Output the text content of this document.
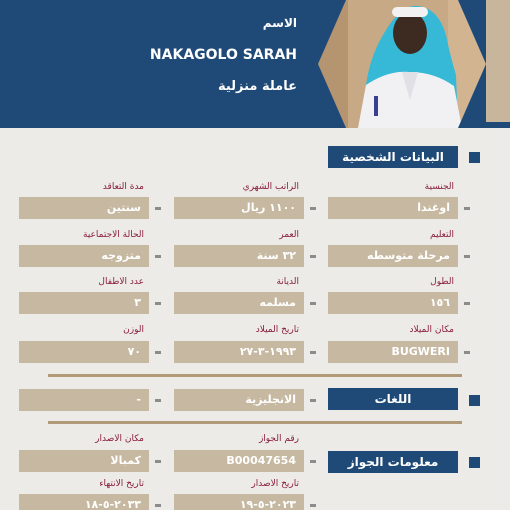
الاسم
NAKAGOLO SARAH
عاملة منزلية
البيانات الشخصية
الجنسية
الراتب الشهري
مدة التعاقد
اوغندا
١١٠٠ ريال
سنتين
التعليم
العمر
الحالة الاجتماعية
مرحلة متوسطه
٣٢ سنة
متزوجه
الطول
الديانة
عدد الاطفال
١٥٦
مسلمه
٣
مكان الميلاد
تاريخ الميلاد
الوزن
BUGWERI
١٩٩٣-٣-٢٧
٧٠
اللغات
الانجليزية
-
معلومات الجواز
رقم الجواز
مكان الاصدار
B00047654
كمبالا
تاريخ الاصدار
تاريخ الانتهاء
٢٠٢٣-٥-١٩
٢٠٣٣-٥-١٨
